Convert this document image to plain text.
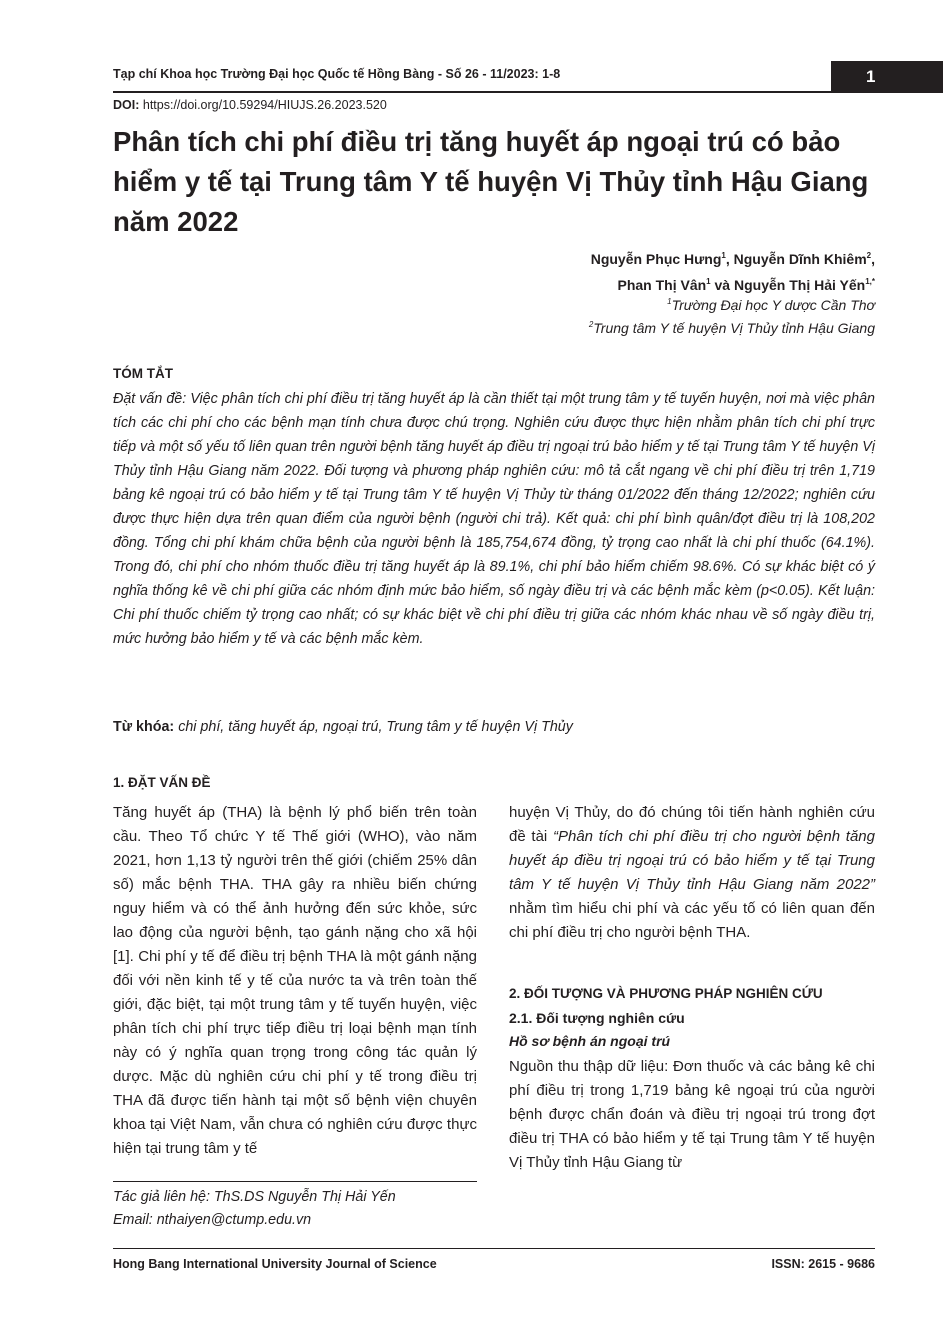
Tạp chí Khoa học Trường Đại học Quốc tế Hồng Bàng - Số 26 - 11/2023: 1-8	1
DOI: https://doi.org/10.59294/HIUJS.26.2023.520
Phân tích chi phí điều trị tăng huyết áp ngoại trú có bảo hiểm y tế tại Trung tâm Y tế huyện Vị Thủy tỉnh Hậu Giang năm 2022
Nguyễn Phục Hưng$^1$, Nguyễn Dĩnh Khiêm$^2$,
Phan Thị Vân$^1$ và Nguyễn Thị Hải Yến$^{1,*}$
$^1$Trường Đại học Y dược Cần Thơ
$^2$Trung tâm Y tế huyện Vị Thủy tỉnh Hậu Giang
TÓM TẮT
Đặt vấn đề: Việc phân tích chi phí điều trị tăng huyết áp là cần thiết tại một trung tâm y tế tuyến huyện, nơi mà việc phân tích các chi phí cho các bệnh mạn tính chưa được chú trọng. Nghiên cứu được thực hiện nhằm phân tích chi phí trực tiếp và một số yếu tố liên quan trên người bệnh tăng huyết áp điều trị ngoại trú bảo hiểm y tế tại Trung tâm Y tế huyện Vị Thủy tỉnh Hậu Giang năm 2022. Đối tượng và phương pháp nghiên cứu: mô tả cắt ngang về chi phí điều trị trên 1,719 bảng kê ngoại trú có bảo hiểm y tế tại Trung tâm Y tế huyện Vị Thủy từ tháng 01/2022 đến tháng 12/2022; nghiên cứu được thực hiện dựa trên quan điểm của người bệnh (người chi trả). Kết quả: chi phí bình quân/đợt điều trị là 108,202 đồng. Tổng chi phí khám chữa bệnh của người bệnh là 185,754,674 đồng, tỷ trọng cao nhất là chi phí thuốc (64.1%). Trong đó, chi phí cho nhóm thuốc điều trị tăng huyết áp là 89.1%, chi phí bảo hiểm chiếm 98.6%. Có sự khác biệt có ý nghĩa thống kê về chi phí giữa các nhóm định mức bảo hiểm, số ngày điều trị và các bệnh mắc kèm (p<0.05). Kết luận: Chi phí thuốc chiếm tỷ trọng cao nhất; có sự khác biệt về chi phí điều trị giữa các nhóm khác nhau về số ngày điều trị, mức hưởng bảo hiểm y tế và các bệnh mắc kèm.
Từ khóa: chi phí, tăng huyết áp, ngoại trú, Trung tâm y tế huyện Vị Thủy
1. ĐẶT VẤN ĐỀ
Tăng huyết áp (THA) là bệnh lý phổ biến trên toàn cầu. Theo Tổ chức Y tế Thế giới (WHO), vào năm 2021, hơn 1,13 tỷ người trên thế giới (chiếm 25% dân số) mắc bệnh THA. THA gây ra nhiều biến chứng nguy hiểm và có thể ảnh hưởng đến sức khỏe, sức lao động của người bệnh, tạo gánh nặng cho xã hội [1]. Chi phí y tế để điều trị bệnh THA là một gánh nặng đối với nền kinh tế y tế của nước ta và trên toàn thế giới, đặc biệt, tại một trung tâm y tế tuyến huyện, việc phân tích chi phí trực tiếp điều trị loại bệnh mạn tính này có ý nghĩa quan trọng trong công tác quản lý dược. Mặc dù nghiên cứu chi phí y tế trong điều trị THA đã được tiến hành tại một số bệnh viện chuyên khoa tại Việt Nam, vẫn chưa có nghiên cứu được thực hiện tại trung tâm y tế
huyện Vị Thủy, do đó chúng tôi tiến hành nghiên cứu đề tài “Phân tích chi phí điều trị cho người bệnh tăng huyết áp điều trị ngoại trú có bảo hiểm y tế tại Trung tâm Y tế huyện Vị Thủy tỉnh Hậu Giang năm 2022” nhằm tìm hiểu chi phí và các yếu tố có liên quan đến chi phí điều trị cho người bệnh THA.
2. ĐỐI TƯỢNG VÀ PHƯƠNG PHÁP NGHIÊN CỨU
2.1. Đối tượng nghiên cứu
Hồ sơ bệnh án ngoại trú
Nguồn thu thập dữ liệu: Đơn thuốc và các bảng kê chi phí điều trị trong 1,719 bảng kê ngoại trú của người bệnh được chẩn đoán và điều trị ngoại trú trong đợt điều trị THA có bảo hiểm y tế tại Trung tâm Y tế huyện Vị Thủy tỉnh Hậu Giang từ
Tác giả liên hệ: ThS.DS Nguyễn Thị Hải Yến
Email: nthaiyen@ctump.edu.vn
Hong Bang International University Journal of Science	ISSN: 2615 - 9686
